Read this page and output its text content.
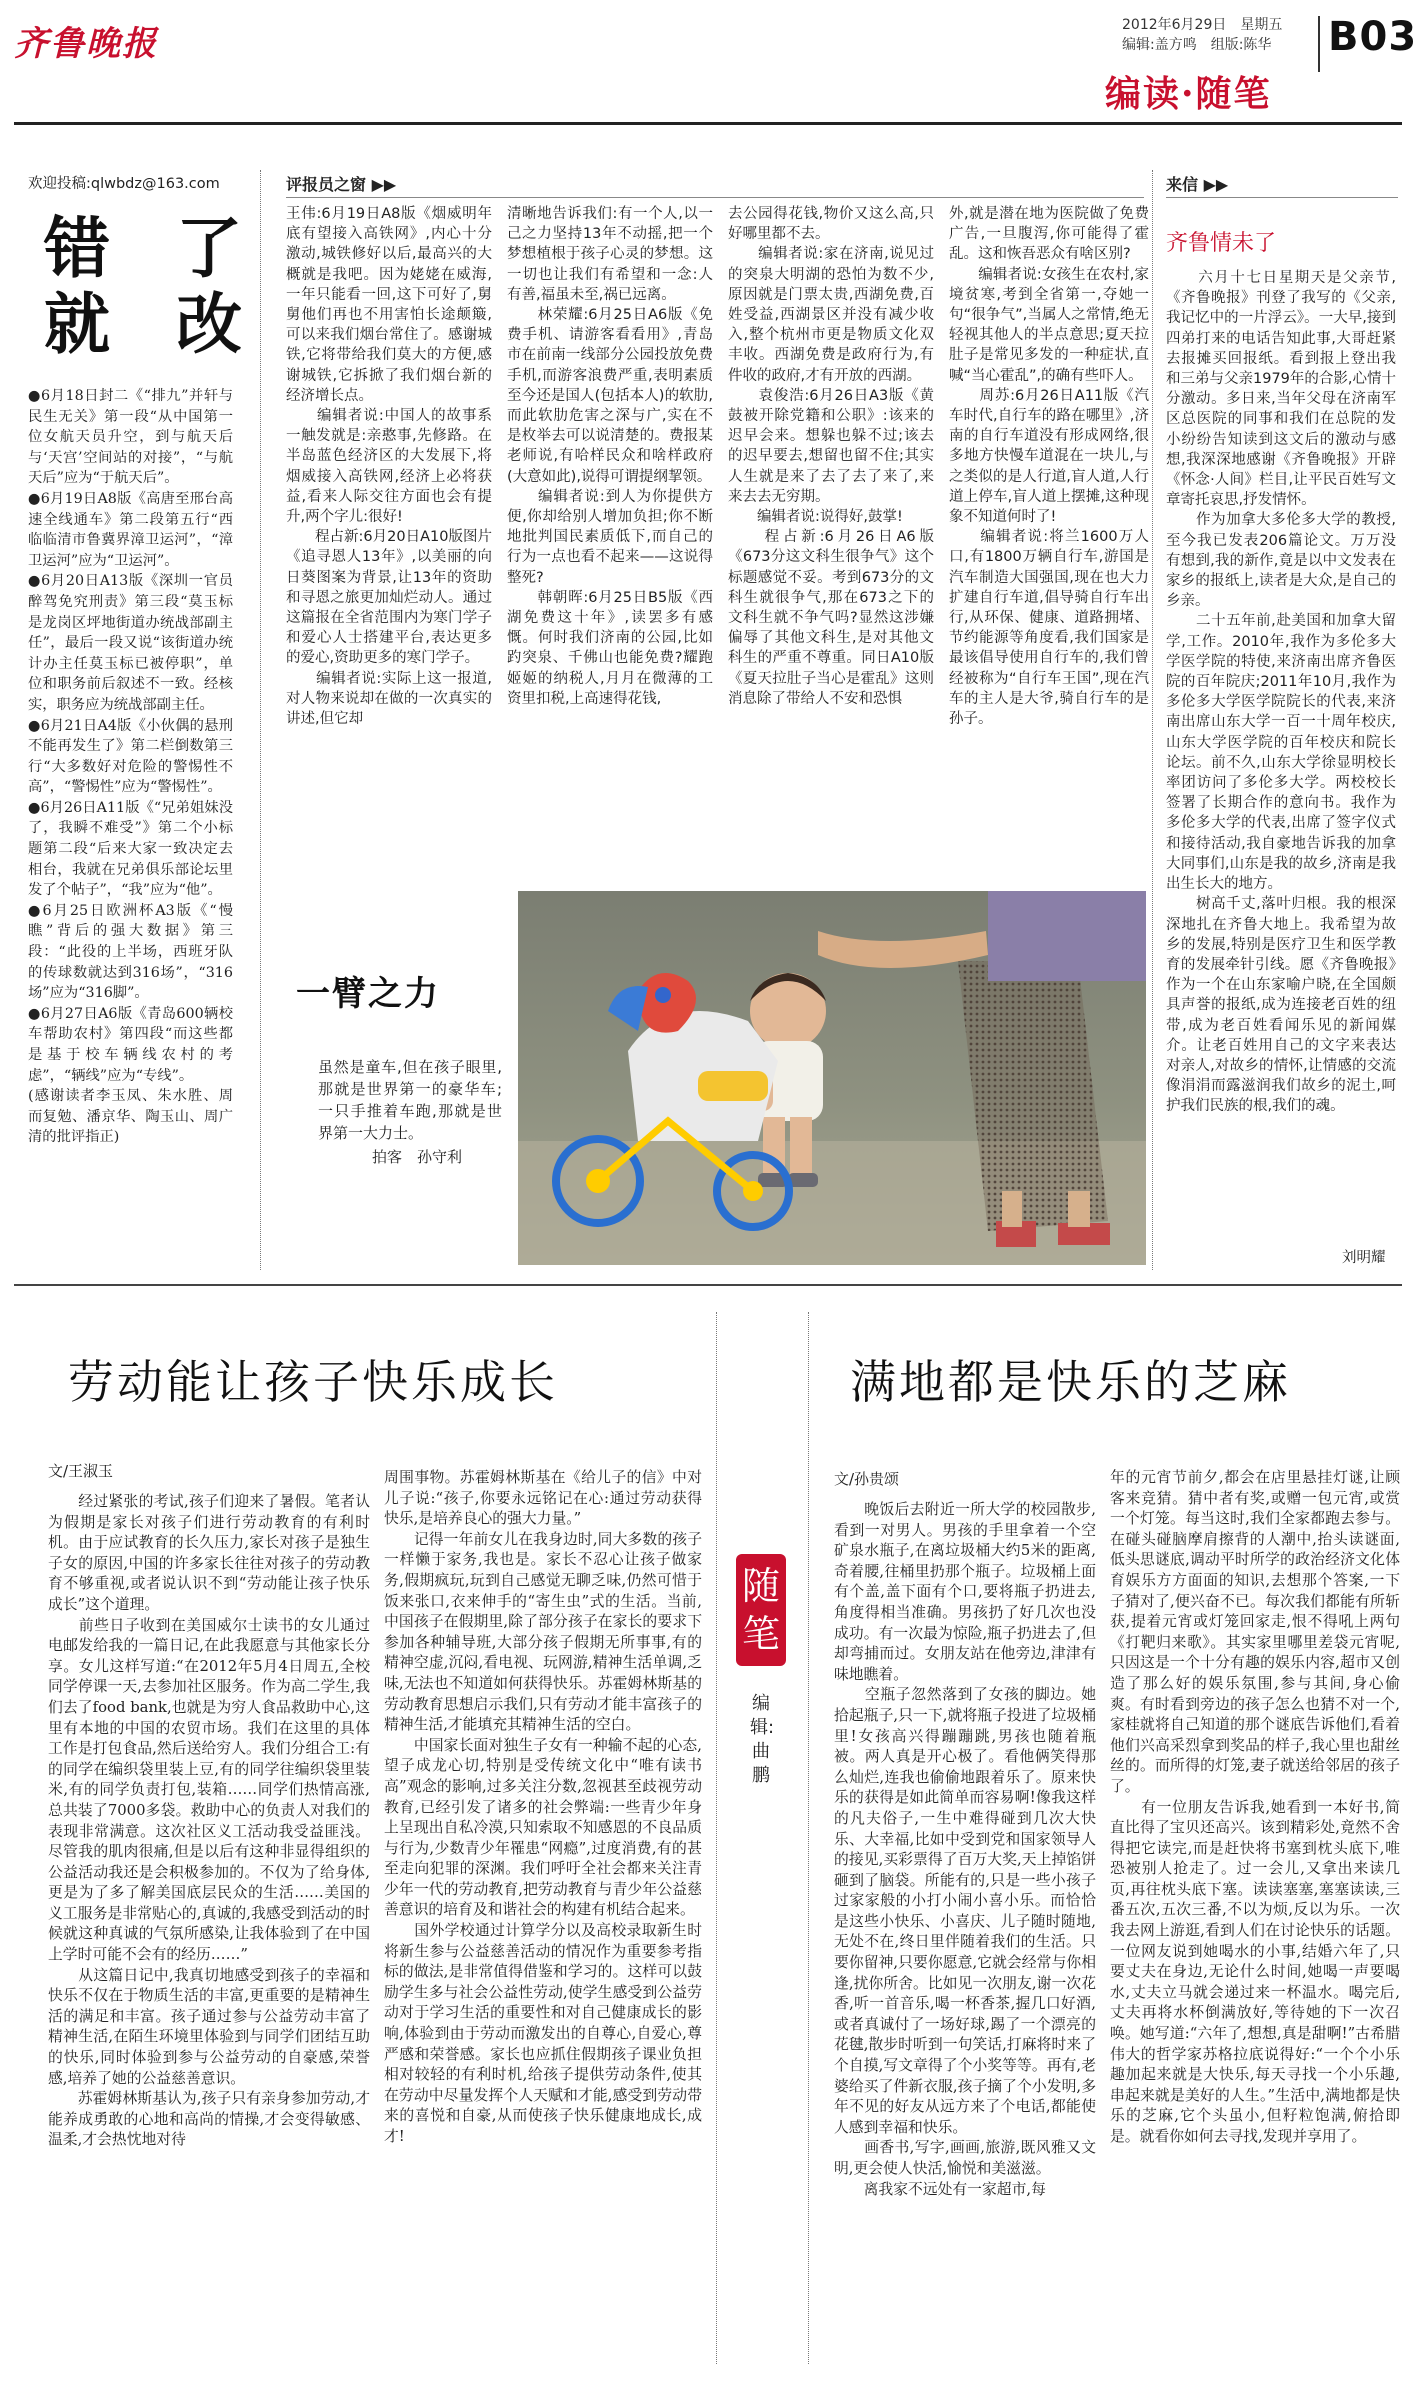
齐鲁晚报	2012年6月29日　星期五
编辑:盖方鸣　组版:陈华 B03
编读·随笔
欢迎投稿:qlwbdz@163.com
错　了
就　改
●6月18日封二《“排九”并轩与民生无关》第一段“从中国第一位女航天员升空，到与航天后与‘天宫’空间站的对接”，“与航天后”应为“于航天后”。
●6月19日A8版《高唐至邢台高速全线通车》第二段第五行“西临临清市鲁冀界漳卫运河”，“漳卫运河”应为“卫运河”。
●6月20日A13版《深圳一官员醉驾免究刑责》第三段“莫玉标是龙岗区坪地街道办统战部副主任”，最后一段又说“该街道办统计办主任莫玉标已被停职”，单位和职务前后叙述不一致。经核实，职务应为统战部副主任。
●6月21日A4版《小伙偶的悬刑不能再发生了》第二栏倒数第三行“大多数好对危险的警惕性不高”，“警惕性”应为“警惕性”。
●6月26日A11版《“兄弟姐妹没了，我瞬不难受”》第二个小标题第二段“后来大家一致决定去相台，我就在兄弟俱乐部论坛里发了个帖子”，“我”应为“他”。
●6月25日欧洲杯A3版《“慢瞧”背后的强大数据》第三段：“此役的上半场，西班牙队的传球数就达到316场”，“316场”应为“316脚”。
●6月27日A6版《青岛600辆校车帮助农村》第四段“而这些都是基于校车辆线农村的考虑”，“辆线”应为“专线”。
(感谢读者李玉凤、朱水胜、周而复勉、潘京华、陶玉山、周广清的批评指正)
评报员之窗 ▶▶
王伟:6月19日A8版《烟威明年底有望接入高铁网》,内心十分激动,城铁修好以后,最高兴的大概就是我吧。因为姥姥在威海,一年只能看一回,这下可好了,舅舅他们再也不用害怕长途颠簸,可以来我们烟台常住了。感谢城铁,它将带给我们莫大的方便,感谢城铁,它拆掀了我们烟台新的经济增长点。
　　编辑者说:中国人的故事系一触发就是:亲憨事,先修路。在半岛蓝色经济区的大发展下,将烟威接入高铁网,经济上必将获益,看来人际交往方面也会有提升,两个字儿:很好!
　　程占新:6月20日A10版图片《追寻恩人13年》,以美丽的向日葵图案为背景,让13年的资助和寻恩之旅更加灿烂动人。通过这篇报在全省范围内为寒门学子和爱心人士搭建平台,表达更多的爱心,资助更多的寒门学子。
　　编辑者说:实际上这一报道,对人物来说却在做的一次真实的讲述,但它却
清晰地告诉我们:有一个人,以一己之力坚持13年不动摇,把一个梦想植根于孩子心灵的梦想。这一切也让我们有希望和一念:人有善,福虽未至,祸已远离。
　　林荣耀:6月25日A6版《免费手机、请游客看看用》,青岛市在前南一线部分公园投放免费手机,而游客浪费严重,表明素质至今还是国人(包括本人)的软肋,而此软肋危害之深与广,实在不是枚举去可以说清楚的。费报某老师说,有哈样民众和啥样政府(大意如此),说得可谓提纲挈领。
　　编辑者说:到人为你提供方便,你却给别人增加负担;你不断地批判国民素质低下,而自己的行为一点也看不起来——这说得整死?
　　韩朝晖:6月25日B5版《西湖免费这十年》,读罢多有感慨。何时我们济南的公园,比如趵突泉、千佛山也能免费?耀跑姬姬的纳税人,月月在微薄的工资里扣税,上高速得花钱,
去公园得花钱,物价又这么高,只好哪里都不去。
　　编辑者说:家在济南,说见过的突泉大明湖的恐怕为数不少,原因就是门票太贵,西湖免费,百姓受益,西湖景区并没有减少收入,整个杭州市更是物质文化双丰收。西湖免费是政府行为,有件收的政府,才有开放的西湖。
　　袁俊浩:6月26日A3版《黄鼓被开除党籍和公职》:该来的迟早会来。想躲也躲不过;该去的迟早要去,想留也留不住;其实人生就是来了去了去了来了,来来去去无穷期。
　　编辑者说:说得好,鼓掌!
　　程占新:6月26日A6版《673分这文科生很争气》这个标题感觉不妥。考到673分的文科生就很争气,那在673之下的文科生就不争气吗?显然这涉嫌偏辱了其他文科生,是对其他文科生的严重不尊重。同日A10版《夏天拉肚子当心是霍乱》这则消息除了带给人不安和恐惧
外,就是潜在地为医院做了免费广告,一旦腹泻,你可能得了霍乱。这和恢吾恶众有啥区别?
　　编辑者说:女孩生在农村,家境贫寒,考到全省第一,夺她一句“很争气”,当属人之常情,绝无轻视其他人的半点意思;夏天拉肚子是常见多发的一种症状,直喊“当心霍乱”,的确有些吓人。
　　周苏:6月26日A11版《汽车时代,自行车的路在哪里》,济南的自行车道没有形成网络,很多地方快慢车道混在一块儿,与之类似的是人行道,盲人道,人行道上停车,盲人道上摆摊,这种现象不知道何时了!
　　编辑者说:将兰1600万人口,有1800万辆自行车,游国是汽车制造大国强国,现在也大力扩建自行车道,倡导骑自行车出行,从环保、健康、道路拥堵、节约能源等角度看,我们国家是最该倡导使用自行车的,我们曾经被称为“自行车王国”,现在汽车的主人是大爷,骑自行车的是孙子。
一臂之力
虽然是童车,但在孩子眼里,那就是世界第一的豪华车;一只手推着车跑,那就是世界第一大力士。
拍客　孙守利
来信 ▶▶
齐鲁情未了
　　六月十七日星期天是父亲节,《齐鲁晚报》刊登了我写的《父亲,我记忆中的一片浮云》。一大早,接到四弟打来的电话告知此事,大哥赶紧去报摊买回报纸。看到报上登出我和三弟与父亲1979年的合影,心情十分激动。多日来,当年父母在济南军区总医院的同事和我们在总院的发小纷纷告知读到这文后的激动与感想,我深深地感谢《齐鲁晚报》开辟《怀念·人间》栏目,让平民百姓写文章寄托哀思,抒发情怀。
　　作为加拿大多伦多大学的教授,至今我已发表206篇论文。万万没有想到,我的新作,竟是以中文发表在家乡的报纸上,读者是大众,是自己的乡亲。
　　二十五年前,赴美国和加拿大留学,工作。2010年,我作为多伦多大学医学院的特使,来济南出席齐鲁医院的百年院庆;2011年10月,我作为多伦多大学医学院院长的代表,来济南出席山东大学一百一十周年校庆,山东大学医学院的百年校庆和院长论坛。前不久,山东大学徐显明校长率团访问了多伦多大学。两校校长签署了长期合作的意向书。我作为多伦多大学的代表,出席了签字仪式和接待活动,我自豪地告诉我的加拿大同事们,山东是我的故乡,济南是我出生长大的地方。
　　树高千丈,落叶归根。我的根深深地扎在齐鲁大地上。我希望为故乡的发展,特别是医疗卫生和医学教育的发展牵针引线。愿《齐鲁晚报》作为一个在山东家喻户晓,在全国颇具声誉的报纸,成为连接老百姓的纽带,成为老百姓看闻乐见的新闻媒介。让老百姓用自己的文字来表达对亲人,对故乡的情怀,让情感的交流像涓涓而露滋润我们故乡的泥土,呵护我们民族的根,我们的魂。
刘明耀
劳动能让孩子快乐成长
文/王淑玉
　　经过紧张的考试,孩子们迎来了暑假。笔者认为假期是家长对孩子们进行劳动教育的有利时机。由于应试教育的长久压力,家长对孩子是独生子女的原因,中国的许多家长往往对孩子的劳动教育不够重视,或者说认识不到“劳动能让孩子快乐成长”这个道理。
　　前些日子收到在美国威尔士读书的女儿通过电邮发给我的一篇日记,在此我愿意与其他家长分享。女儿这样写道:“在2012年5月4日周五,全校同学停课一天,去参加社区服务。作为高二学生,我们去了food bank,也就是为穷人食品救助中心,这里有本地的中国的农贸市场。我们在这里的具体工作是打包食品,然后送给穷人。我们分组合工:有的同学在编织袋里装上豆,有的同学往编织袋里装米,有的同学负责打包,装箱……同学们热情高涨,总共装了7000多袋。救助中心的负责人对我们的表现非常满意。这次社区义工活动我受益匪浅。尽管我的肌肉很痛,但是以后有这种非显得组织的公益活动我还是会积极参加的。不仅为了给身体,更是为了多了解美国底层民众的生活……美国的义工服务是非常贴心的,真诚的,我感受到活动的时候就这种真诚的气氛所感染,让我体验到了在中国上学时可能不会有的经历……”
　　从这篇日记中,我真切地感受到孩子的幸福和快乐不仅在于物质生活的丰富,更重要的是精神生活的满足和丰富。孩子通过参与公益劳动丰富了精神生活,在陌生环境里体验到与同学们团结互助的快乐,同时体验到参与公益劳动的自豪感,荣誉感,培养了她的公益慈善意识。
　　苏霍姆林斯基认为,孩子只有亲身参加劳动,才能养成勇敢的心地和高尚的情操,才会变得敏感、温柔,才会热忱地对待
周围事物。苏霍姆林斯基在《给儿子的信》中对儿子说:“孩子,你要永远铭记在心:通过劳动获得快乐,是培养良心的强大力量。”
　　记得一年前女儿在我身边时,同大多数的孩子一样懒于家务,我也是。家长不忍心让孩子做家务,假期疯玩,玩到自己感觉无聊乏味,仍然可惜于饭来张口,衣来伸手的“寄生虫”式的生活。当前,中国孩子在假期里,除了部分孩子在家长的要求下参加各种辅导班,大部分孩子假期无所事事,有的精神空虚,沉闷,看电视、玩网游,精神生活单调,乏味,无法也不知道如何获得快乐。苏霍姆林斯基的劳动教育思想启示我们,只有劳动才能丰富孩子的精神生活,才能填充其精神生活的空白。
　　中国家长面对独生子女有一种输不起的心态,望子成龙心切,特别是受传统文化中“唯有读书高”观念的影响,过多关注分数,忽视甚至歧视劳动教育,已经引发了诸多的社会弊端:一些青少年身上呈现出自私冷漠,只知索取不知感恩的不良品质与行为,少数青少年罹患“网瘾”,过度消费,有的甚至走向犯罪的深渊。我们呼吁全社会都来关注青少年一代的劳动教育,把劳动教育与青少年公益慈善意识的培育及和谐社会的构建有机结合起来。
　　国外学校通过计算学分以及高校录取新生时将新生参与公益慈善活动的情况作为重要参考指标的做法,是非常值得借鉴和学习的。这样可以鼓励学生多与社会公益性劳动,使学生感受到公益劳动对于学习生活的重要性和对自己健康成长的影响,体验到由于劳动而激发出的自尊心,自爱心,尊严感和荣誉感。家长也应抓住假期孩子课业负担相对较轻的有利时机,给孩子提供劳动条件,使其在劳动中尽量发挥个人天赋和才能,感受到劳动带来的喜悦和自豪,从而使孩子快乐健康地成长,成才!
随笔
编辑:曲鹏
满地都是快乐的芝麻
文/孙贵颂
　　晚饭后去附近一所大学的校园散步,看到一对男人。男孩的手里拿着一个空矿泉水瓶子,在离垃圾桶大约5米的距离,奇着腰,往桶里扔那个瓶子。垃圾桶上面有个盖,盖下面有个口,要将瓶子扔进去,角度得相当准确。男孩扔了好几次也没成功。有一次最为惊险,瓶子扔进去了,但却弯捕而过。女朋友站在他旁边,津津有味地瞧着。
　　空瓶子忽然落到了女孩的脚边。她拾起瓶子,只一下,就将瓶子投进了垃圾桶里!女孩高兴得蹦蹦跳,男孩也随着瓶被。两人真是开心极了。看他俩笑得那么灿烂,连我也偷偷地跟着乐了。原来快乐的获得是如此简单而容易啊!像我这样的凡夫俗子,一生中难得碰到几次大快乐、大幸福,比如中受到党和国家领导人的接见,买彩票得了百万大奖,天上掉馅饼砸到了脑袋。所能有的,只是一些小孩子过家家般的小打小闹小喜小乐。而恰恰是这些小快乐、小喜庆、儿子随时随地,无处不在,终日里伴随着我们的生活。只要你留神,只要你愿意,它就会经常与你相逢,扰你所舍。比如见一次朋友,谢一次花香,听一首音乐,喝一杯香茶,握几口好酒,或者真诚付了一场好球,踢了一个漂亮的花毽,散步时听到一句笑话,打麻将时来了个自摸,写文章得了个小奖等等。再有,老婆给买了件新衣服,孩子摘了个小发明,多年不见的好友从远方来了个电话,都能使人感到幸福和快乐。
　　画香书,写字,画画,旅游,既风雅又文明,更会使人快活,愉悦和美滋滋。
　　离我家不远处有一家超市,每
年的元宵节前夕,都会在店里悬挂灯谜,让顾客来竞猜。猜中者有奖,或赠一包元宵,或赏一个灯笼。每当这时,我们全家都跑去参与。在碰头碰脑摩肩擦背的人潮中,抬头读谜面,低头思谜底,调动平时所学的政治经济文化体育娱乐方方面面的知识,去想那个答案,一下子猜对了,便兴奋不已。每次我们都能有所斩获,提着元宵或灯笼回家走,恨不得吼上两句《打靶归来歌》。其实家里哪里差袋元宵呢,只因这是一个十分有趣的娱乐内容,超市又创造了那么好的娱乐氛围,参与其间,身心偷爽。有时看到旁边的孩子怎么也猜不对一个,家桂就将自己知道的那个谜底告诉他们,看着他们兴高采烈拿到奖品的样子,我心里也甜丝丝的。而所得的灯笼,妻子就送给邻居的孩子了。
　　有一位朋友告诉我,她看到一本好书,简直比得了宝贝还高兴。该到精彩处,竟然不舍得把它读完,而是赶快将书塞到枕头底下,唯恐被别人抢走了。过一会儿,又拿出来读几页,再往枕头底下塞。读读塞塞,塞塞读读,三番五次,五次三番,不以为烦,反以为乐。一次我去网上游逛,看到人们在讨论快乐的话题。一位网友说到她喝水的小事,结婚六年了,只要丈夫在身边,无论什么时间,她喝一声要喝水,丈夫立马就会递过来一杯温水。喝完后,丈夫再将水杯倒满放好,等待她的下一次召唤。她写道:“六年了,想想,真是甜啊!”古希腊伟大的哲学家苏格拉底说得好:“一个个小乐趣加起来就是大快乐,每天寻找一个小乐趣,串起来就是美好的人生。”生活中,满地都是快乐的芝麻,它个头虽小,但籽粒饱满,俯拾即是。就看你如何去寻找,发现并享用了。
